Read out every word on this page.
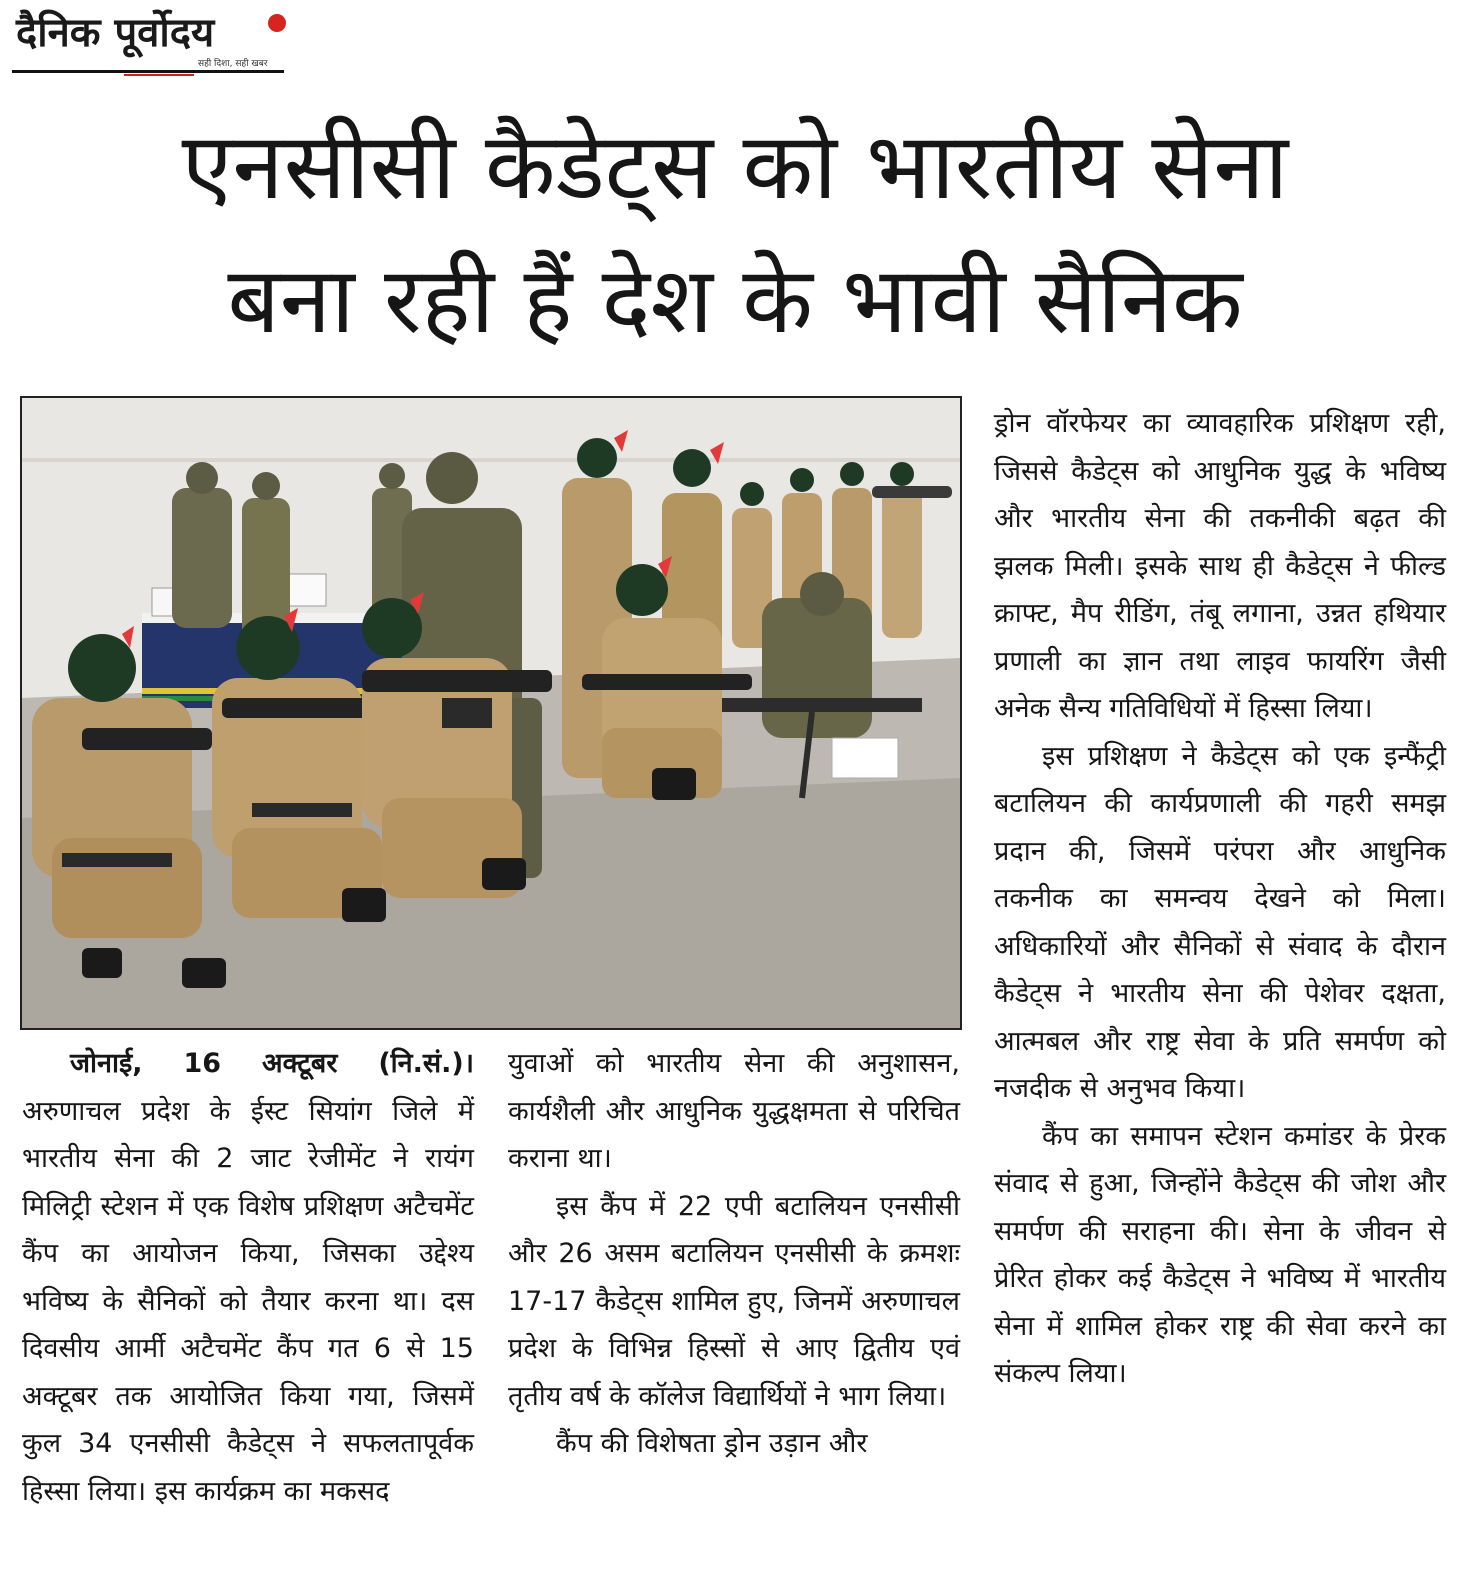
दैनिक पूर्वोदय
सही दिशा, सही खबर
एनसीसी कैडेट्स को भारतीय सेना
बना रही हैं देश के भावी सैनिक

जोनाई, 16 अक्टूबर (नि.सं.)। अरुणाचल प्रदेश के ईस्ट सियांग जिले में भारतीय सेना की 2 जाट रेजीमेंट ने रायंग मिलिट्री स्टेशन में एक विशेष प्रशिक्षण अटैचमेंट कैंप का आयोजन किया, जिसका उद्देश्य भविष्य के सैनिकों को तैयार करना था। दस दिवसीय आर्मी अटैचमेंट कैंप गत 6 से 15 अक्टूबर तक आयोजित किया गया, जिसमें कुल 34 एनसीसी कैडेट्स ने सफलतापूर्वक हिस्सा लिया। इस कार्यक्रम का मकसद

युवाओं को भारतीय सेना की अनुशासन, कार्यशैली और आधुनिक युद्धक्षमता से परिचित कराना था।

इस कैंप में 22 एपी बटालियन एनसीसी और 26 असम बटालियन एनसीसी के क्रमशः 17-17 कैडेट्स शामिल हुए, जिनमें अरुणाचल प्रदेश के विभिन्न हिस्सों से आए द्वितीय एवं तृतीय वर्ष के कॉलेज विद्यार्थियों ने भाग लिया।

कैंप की विशेषता ड्रोन उड़ान और

ड्रोन वॉरफेयर का व्यावहारिक प्रशिक्षण रही, जिससे कैडेट्स को आधुनिक युद्ध के भविष्य और भारतीय सेना की तकनीकी बढ़त की झलक मिली। इसके साथ ही कैडेट्स ने फील्ड क्राफ्ट, मैप रीडिंग, तंबू लगाना, उन्नत हथियार प्रणाली का ज्ञान तथा लाइव फायरिंग जैसी अनेक सैन्य गतिविधियों में हिस्सा लिया।

इस प्रशिक्षण ने कैडेट्स को एक इन्फैंट्री बटालियन की कार्यप्रणाली की गहरी समझ प्रदान की, जिसमें परंपरा और आधुनिक तकनीक का समन्वय देखने को मिला। अधिकारियों और सैनिकों से संवाद के दौरान कैडेट्स ने भारतीय सेना की पेशेवर दक्षता, आत्मबल और राष्ट्र सेवा के प्रति समर्पण को नजदीक से अनुभव किया।

कैंप का समापन स्टेशन कमांडर के प्रेरक संवाद से हुआ, जिन्होंने कैडेट्स की जोश और समर्पण की सराहना की। सेना के जीवन से प्रेरित होकर कई कैडेट्स ने भविष्य में भारतीय सेना में शामिल होकर राष्ट्र की सेवा करने का संकल्प लिया।
